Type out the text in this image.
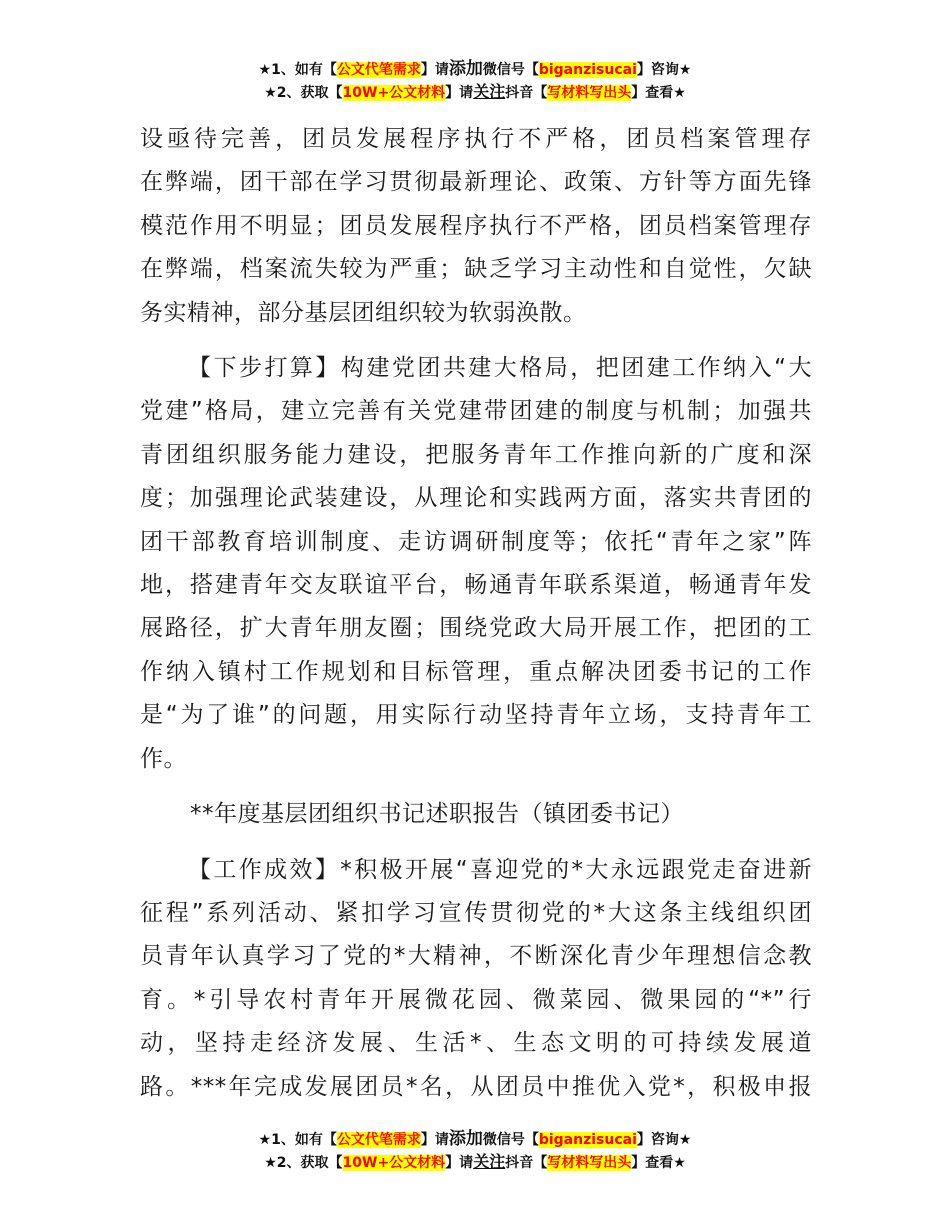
★1、如有【公文代笔需求】请添加微信号【biganzisucai】咨询★
★2、获取【10W+公文材料】请关注抖音【写材料写出头】查看★

设亟待完善，团员发展程序执行不严格，团员档案管理存
在弊端，团干部在学习贯彻最新理论、政策、方针等方面先锋
模范作用不明显；团员发展程序执行不严格，团员档案管理存
在弊端，档案流失较为严重；缺乏学习主动性和自觉性，欠缺
务实精神，部分基层团组织较为软弱涣散。

【下步打算】构建党团共建大格局，把团建工作纳入“大
党建”格局，建立完善有关党建带团建的制度与机制；加强共
青团组织服务能力建设，把服务青年工作推向新的广度和深
度；加强理论武装建设，从理论和实践两方面，落实共青团的
团干部教育培训制度、走访调研制度等；依托“青年之家”阵
地，搭建青年交友联谊平台，畅通青年联系渠道，畅通青年发
展路径，扩大青年朋友圈；围绕党政大局开展工作，把团的工
作纳入镇村工作规划和目标管理，重点解决团委书记的工作
是“为了谁”的问题，用实际行动坚持青年立场，支持青年工
作。

**年度基层团组织书记述职报告（镇团委书记）

【工作成效】*积极开展“喜迎党的*大永远跟党走奋进新
征程”系列活动、紧扣学习宣传贯彻党的*大这条主线组织团
员青年认真学习了党的*大精神，不断深化青少年理想信念教
育。*引导农村青年开展微花园、微菜园、微果园的“*”行
动，坚持走经济发展、生活*、生态文明的可持续发展道
路。***年完成发展团员*名，从团员中推优入党*，积极申报

★1、如有【公文代笔需求】请添加微信号【biganzisucai】咨询★
★2、获取【10W+公文材料】请关注抖音【写材料写出头】查看★
